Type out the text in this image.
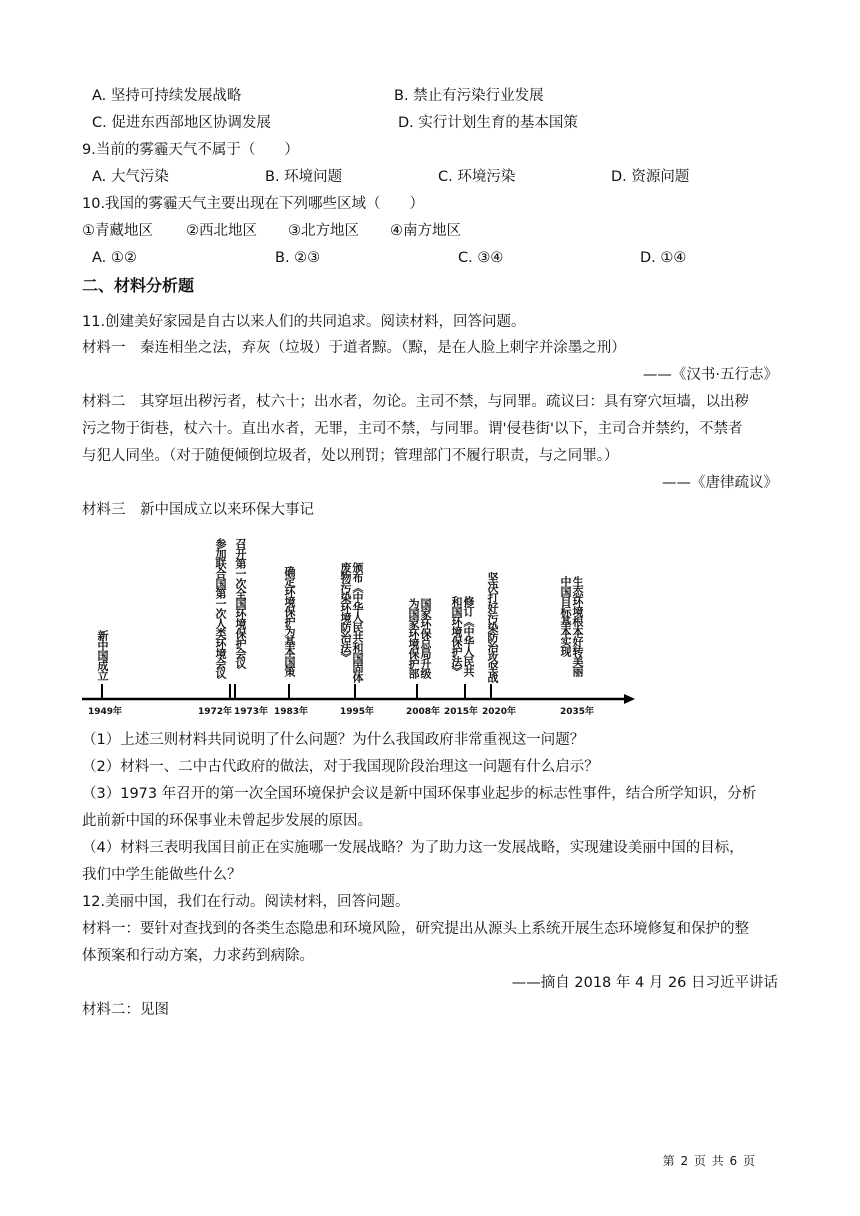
A. 坚持可持续发展战略	B. 禁止有污染行业发展
C. 促进东西部地区协调发展	D. 实行计划生育的基本国策
9.当前的雾霾天气不属于（　　）
A. 大气污染	B. 环境问题	C. 环境污染	D. 资源问题
10.我国的雾霾天气主要出现在下列哪些区域（　　）
①青藏地区 ②西北地区 ③北方地区 ④南方地区
A. ①②	B. ②③	C. ③④	D. ①④
二、材料分析题
11.创建美好家园是自古以来人们的共同追求。阅读材料，回答问题。
材料一　秦连相坐之法，弃灰（垃圾）于道者黥。（黥，是在人脸上刺字并涂墨之刑）
——《汉书·五行志》
材料二　其穿垣出秽污者，杖六十；出水者，勿论。主司不禁，与同罪。疏议曰：具有穿穴垣墙，以出秽
污之物于街巷，杖六十。直出水者，无罪，主司不禁，与同罪。谓'侵巷街'以下，主司合并禁约，不禁者
与犯人同坐。（对于随便倾倒垃圾者，处以刑罚；管理部门不履行职责，与之同罪。）
——《唐律疏议》
材料三　新中国成立以来环保大事记
新中国成立	参加联合国第一次人类环境会议 召开第一次全国环境保护会议	确定环境保护为基本国策	颁布《中华人民共和国固体废物污染环境防治法》	国家环保总局升级为国家环境保护部	修订《中华人民共和国环境保护法》	坚决打好污染防治攻坚战	生态环境根本好转美丽中国目标基本实现
1949年	1972年 1973年 1983年	1995年	2008年 2015年 2020年	2035年
（1）上述三则材料共同说明了什么问题？为什么我国政府非常重视这一问题？
（2）材料一、二中古代政府的做法，对于我国现阶段治理这一问题有什么启示？
（3）1973 年召开的第一次全国环境保护会议是新中国环保事业起步的标志性事件，结合所学知识，分析
此前新中国的环保事业未曾起步发展的原因。
（4）材料三表明我国目前正在实施哪一发展战略？为了助力这一发展战略，实现建设美丽中国的目标，
我们中学生能做些什么？
12.美丽中国，我们在行动。阅读材料，回答问题。
材料一：要针对查找到的各类生态隐患和环境风险，研究提出从源头上系统开展生态环境修复和保护的整
体预案和行动方案，力求药到病除。
——摘自 2018 年 4 月 26 日习近平讲话
材料二：见图
第 2 页 共 6 页
